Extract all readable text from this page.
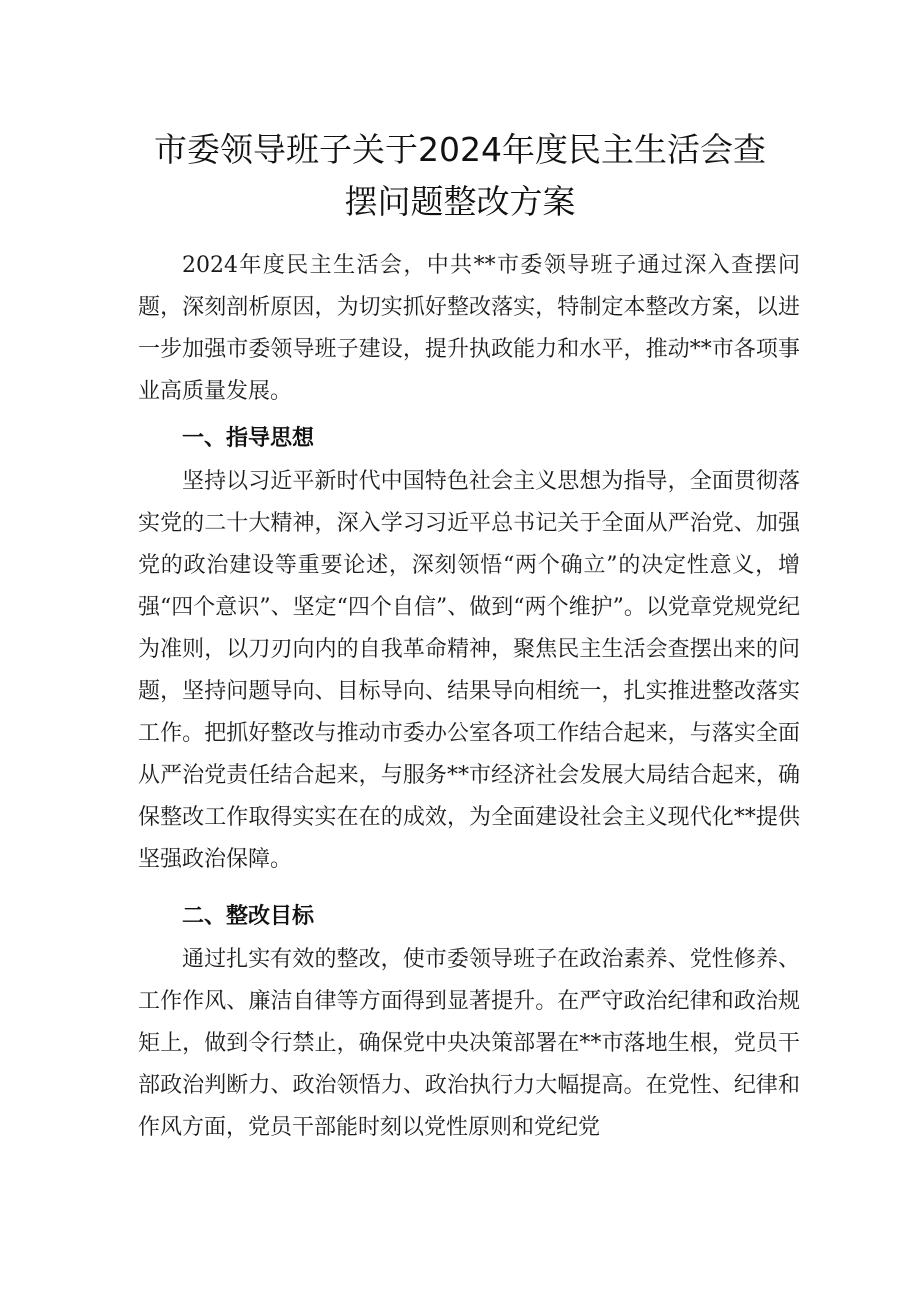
市委领导班子关于2024年度民主生活会查
摆问题整改方案

2024年度民主生活会，中共**市委领导班子通过深入查摆问题，深刻剖析原因，为切实抓好整改落实，特制定本整改方案，以进一步加强市委领导班子建设，提升执政能力和水平，推动**市各项事业高质量发展。

一、指导思想

坚持以习近平新时代中国特色社会主义思想为指导，全面贯彻落实党的二十大精神，深入学习习近平总书记关于全面从严治党、加强党的政治建设等重要论述，深刻领悟“两个确立”的决定性意义，增强“四个意识”、坚定“四个自信”、做到“两个维护”。以党章党规党纪为准则，以刀刃向内的自我革命精神，聚焦民主生活会查摆出来的问题，坚持问题导向、目标导向、结果导向相统一，扎实推进整改落实工作。把抓好整改与推动市委办公室各项工作结合起来，与落实全面从严治党责任结合起来，与服务**市经济社会发展大局结合起来，确保整改工作取得实实在在的成效，为全面建设社会主义现代化**提供坚强政治保障。

二、整改目标

通过扎实有效的整改，使市委领导班子在政治素养、党性修养、工作作风、廉洁自律等方面得到显著提升。在严守政治纪律和政治规矩上，做到令行禁止，确保党中央决策部署在**市落地生根，党员干部政治判断力、政治领悟力、政治执行力大幅提高。在党性、纪律和作风方面，党员干部能时刻以党性原则和党纪党
